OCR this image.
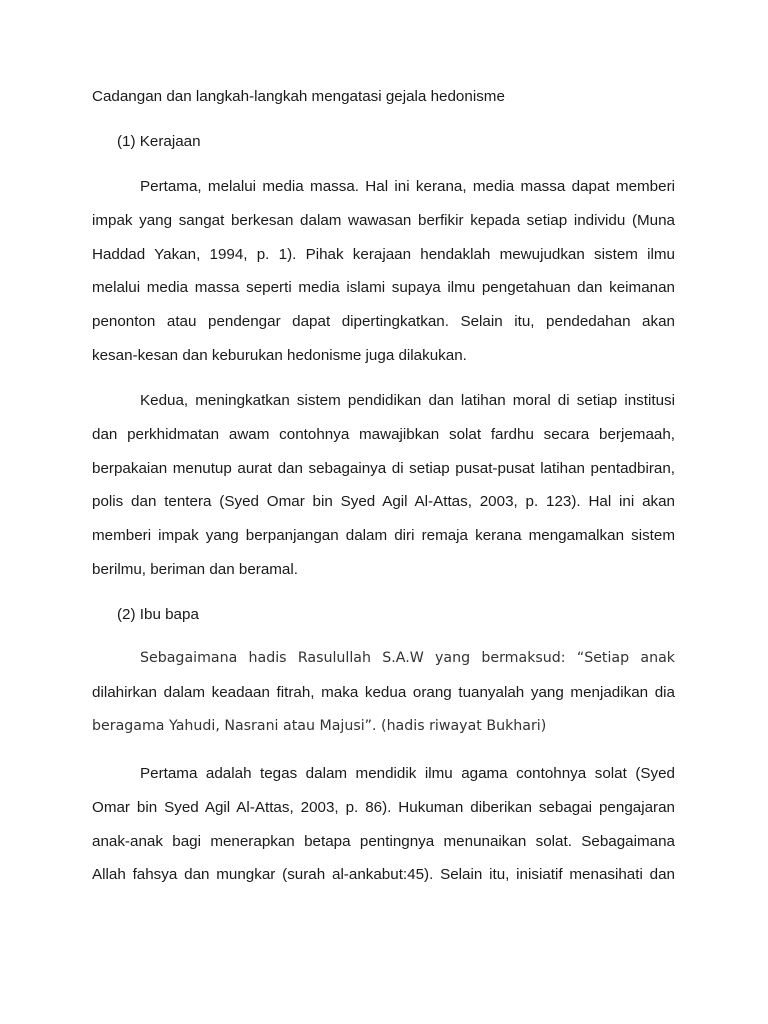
Cadangan dan langkah-langkah mengatasi gejala hedonisme
(1) Kerajaan
Pertama, melalui media massa. Hal ini kerana, media massa dapat memberi
impak yang sangat berkesan dalam wawasan berfikir kepada setiap individu (Muna
Haddad Yakan, 1994, p. 1). Pihak kerajaan hendaklah mewujudkan sistem ilmu
melalui media massa seperti media islami supaya ilmu pengetahuan dan keimanan
penonton atau pendengar dapat dipertingkatkan. Selain itu, pendedahan akan
kesan-kesan dan keburukan hedonisme juga dilakukan.
Kedua, meningkatkan sistem pendidikan dan latihan moral di setiap institusi
dan perkhidmatan awam contohnya mawajibkan solat fardhu secara berjemaah,
berpakaian menutup aurat dan sebagainya di setiap pusat-pusat latihan pentadbiran,
polis dan tentera (Syed Omar bin Syed Agil Al-Attas, 2003, p. 123). Hal ini akan
memberi impak yang berpanjangan dalam diri remaja kerana mengamalkan sistem
berilmu, beriman dan beramal.
(2) Ibu bapa
Sebagaimana hadis Rasulullah S.A.W yang bermaksud: “Setiap anak
dilahirkan dalam keadaan fitrah, maka kedua orang tuanyalah yang menjadikan dia
beragama Yahudi, Nasrani atau Majusi”. (hadis riwayat Bukhari)
Pertama adalah tegas dalam mendidik ilmu agama contohnya solat (Syed
Omar bin Syed Agil Al-Attas, 2003, p. 86). Hukuman diberikan sebagai pengajaran
anak-anak bagi menerapkan betapa pentingnya menunaikan solat. Sebagaimana
Allah fahsya dan mungkar (surah al-ankabut:45). Selain itu, inisiatif menasihati dan
